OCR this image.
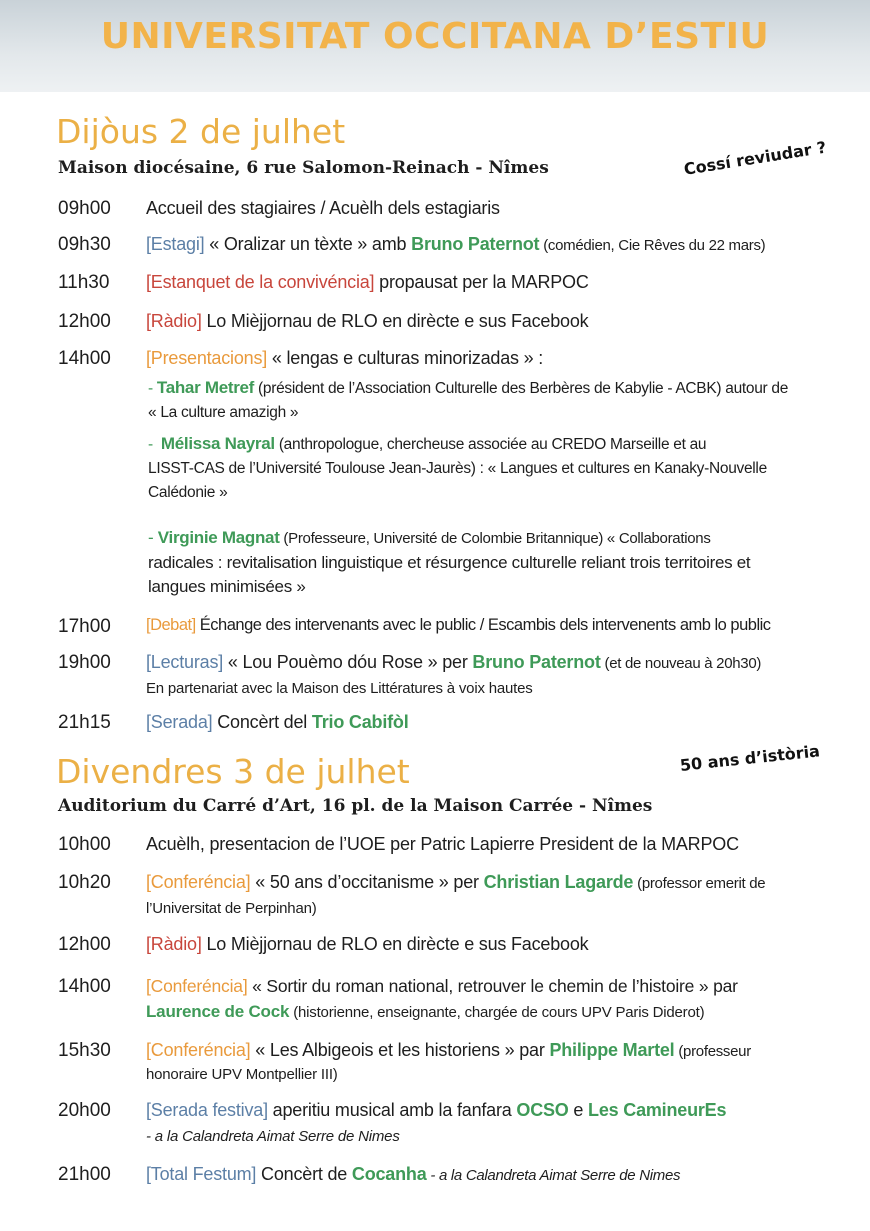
UNIVERSITAT OCCITANA D’ESTIU
Dijòus 2 de julhet
Maison diocésaine, 6 rue Salomon-Reinach - Nîmes	Cossí reviudar ?
09h00 Accueil des stagiaires / Acuèlh dels estagiaris
09h30 [Estagi] « Oralizar un tèxte » amb Bruno Paternot (comédien, Cie Rêves du 22 mars)
11h30 [Estanquet de la convivéncia] propausat per la MARPOC
12h00 [Ràdio] Lo Mièjjornau de RLO en dirècte e sus Facebook
14h00 [Presentacions] « lengas e culturas minorizadas » :
- Tahar Metref (président de l’Association Culturelle des Berbères de Kabylie - ACBK) autour de
« La culture amazigh »
-  Mélissa Nayral (anthropologue, chercheuse associée au CREDO Marseille et au
LISST-CAS de l’Université Toulouse Jean-Jaurès) : « Langues et cultures en Kanaky-Nouvelle
Calédonie »
- Virginie Magnat (Professeure, Université de Colombie Britannique) « Collaborations
radicales : revitalisation linguistique et résurgence culturelle reliant trois territoires et
langues minimisées »
17h00 [Debat] Échange des intervenants avec le public / Escambis dels intervenents amb lo public
19h00 [Lecturas] « Lou Pouèmo dóu Rose » per Bruno Paternot (et de nouveau à 20h30)
En partenariat avec la Maison des Littératures à voix hautes
21h15 [Serada] Concèrt del Trio Cabifòl
Divendres 3 de julhet	50 ans d’istòria
Auditorium du Carré d’Art, 16 pl. de la Maison Carrée - Nîmes
10h00 Acuèlh, presentacion de l’UOE per Patric Lapierre President de la MARPOC
10h20 [Conferéncia] « 50 ans d’occitanisme » per Christian Lagarde (professor emerit de
l’Universitat de Perpinhan)
12h00 [Ràdio] Lo Mièjjornau de RLO en dirècte e sus Facebook
14h00 [Conferéncia] « Sortir du roman national, retrouver le chemin de l’histoire » par
Laurence de Cock (historienne, enseignante, chargée de cours UPV Paris Diderot)
15h30 [Conferéncia] « Les Albigeois et les historiens » par Philippe Martel (professeur
honoraire UPV Montpellier III)
20h00 [Serada festiva] aperitiu musical amb la fanfara OCSO e Les CamineurEs
- a la Calandreta Aimat Serre de Nimes
21h00 [Total Festum] Concèrt de Cocanha - a la Calandreta Aimat Serre de Nimes
